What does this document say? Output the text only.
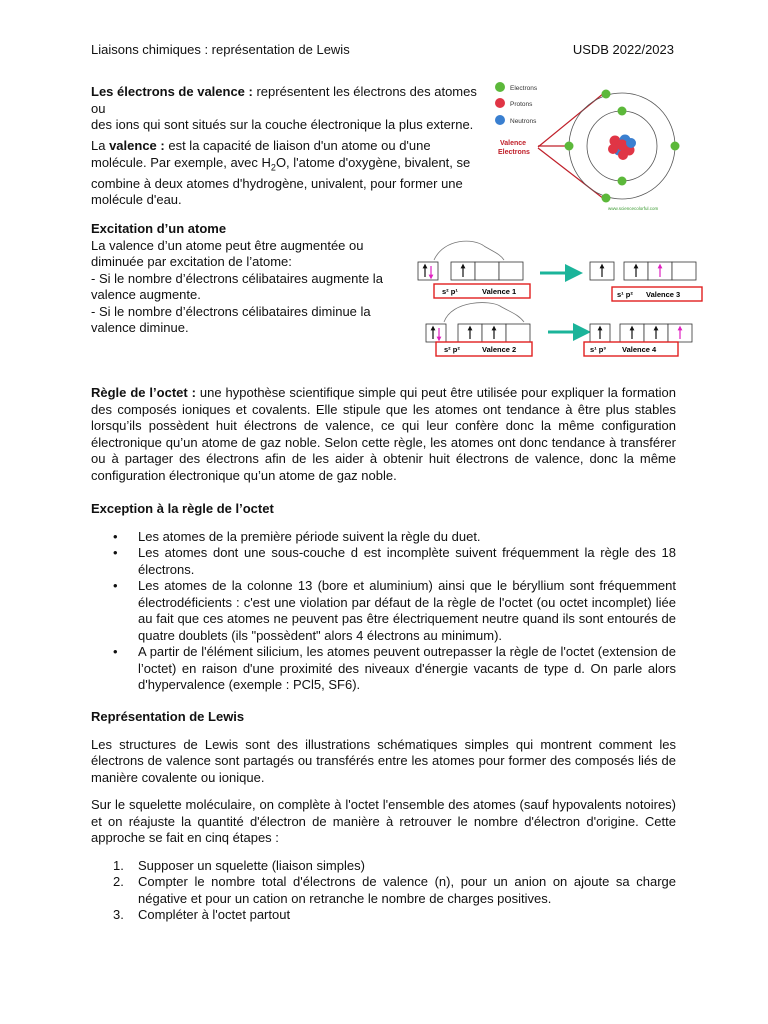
Liaisons chimiques : représentation de Lewis	USDB 2022/2023

Les électrons de valence : représentent les électrons des atomes ou

des ions qui sont situés sur la couche électronique la plus externe.

La valence : est la capacité de liaison d'un atome ou d'une

molécule. Par exemple, avec $H_2O$, l'atome d'oxygène, bivalent, se

combine à deux atomes d'hydrogène, univalent, pour former une

molécule d'eau.

Electrons
Protons
Neutrons
Valence
Electrons
www.sciencecolorful.com

Excitation d’un atome

La valence d’un atome peut être augmentée ou

diminuée par excitation de l’atome:

- Si le nombre d’électrons célibataires augmente la

valence augmente.

- Si le nombre d’électrons célibataires diminue la

valence diminue.

s² p¹	Valence 1	s¹ p² Valence 3
s² p²	Valence 2	s¹ p³ Valence 4
Règle de l’octet : une hypothèse scientifique simple qui peut être utilisée pour expliquer la formation des composés ioniques et covalents. Elle stipule que les atomes ont tendance à être plus stables lorsqu’ils possèdent huit électrons de valence, ce qui leur confère donc la même configuration électronique qu’un atome de gaz noble. Selon cette règle, les atomes ont donc tendance à transférer ou à partager des électrons afin de les aider à obtenir huit électrons de valence, donc la même configuration électronique qu’un atome de gaz noble.

Exception à la règle de l’octet

• Les atomes de la première période suivent la règle du duet.
• Les atomes dont une sous-couche d est incomplète suivent fréquemment la règle des 18 électrons.
• Les atomes de la colonne 13 (bore et aluminium) ainsi que le béryllium sont fréquemment électrodéficients : c'est une violation par défaut de la règle de l'octet (ou octet incomplet) liée au fait que ces atomes ne peuvent pas être électriquement neutre quand ils sont entourés de quatre doublets (ils "possèdent" alors 4 électrons au minimum).
• A partir de l'élément silicium, les atomes peuvent outrepasser la règle de l'octet (extension de l’octet) en raison d'une proximité des niveaux d'énergie vacants de type d. On parle alors d'hypervalence (exemple : PCl5, SF6).

Représentation de Lewis

Les structures de Lewis sont des illustrations schématiques simples qui montrent comment les électrons de valence sont partagés ou transférés entre les atomes pour former des composés liés de manière covalente ou ionique.

Sur le squelette moléculaire, on complète à l'octet l'ensemble des atomes (sauf hypovalents notoires) et on réajuste la quantité d'électron de manière à retrouver le nombre d'électron d'origine. Cette approche se fait en cinq étapes :

1. Supposer un squelette (liaison simples)
2. Compter le nombre total d'électrons de valence (n), pour un anion on ajoute sa charge négative et pour un cation on retranche le nombre de charges positives.
3. Compléter à l'octet partout
